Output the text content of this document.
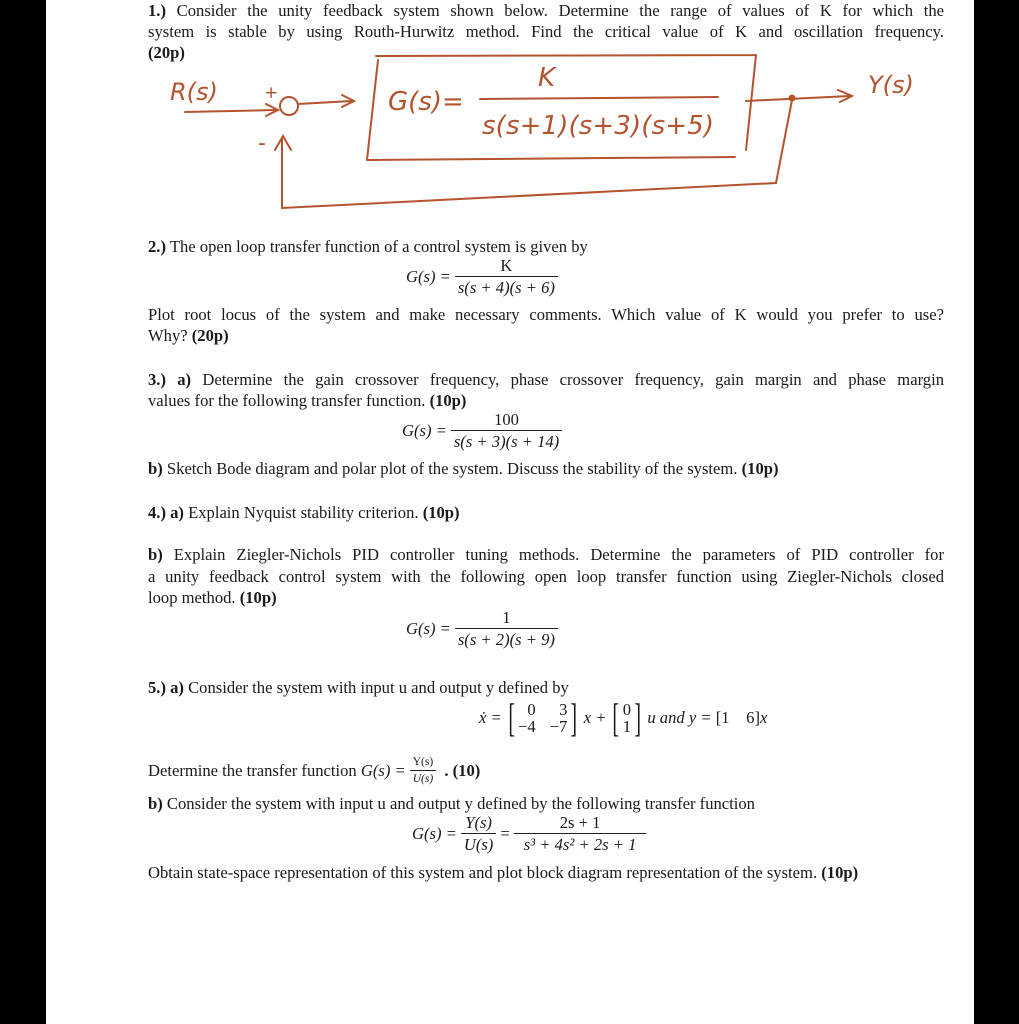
1.) Consider the unity feedback system shown below. Determine the range of values of K for which the
system is stable by using Routh-Hurwitz method. Find the critical value of K and oscillation frequency.
(20p)
R(s)	+
-
G(s)=
K
s(s+1)(s+3)(s+5)
Y(s)
2.) The open loop transfer function of a control system is given by
$G(s) = \frac{K}{s(s + 4)(s + 6)}$
Plot root locus of the system and make necessary comments. Which value of K would you prefer to use?
Why? (20p)
3.) a) Determine the gain crossover frequency, phase crossover frequency, gain margin and phase margin
values for the following transfer function. (10p)
$G(s) = \frac{100}{s(s + 3)(s + 14)}$
b) Sketch Bode diagram and polar plot of the system. Discuss the stability of the system. (10p)
4.) a) Explain Nyquist stability criterion. (10p)
b) Explain Ziegler-Nichols PID controller tuning methods. Determine the parameters of PID controller for
a unity feedback control system with the following open loop transfer function using Ziegler-Nichols closed
loop method. (10p)
$G(s) = \frac{1}{s(s + 2)(s + 9)}$
5.) a) Consider the system with input u and output y defined by
ẋ = [ 0	3
−4 −7 ] x + [ 0
1 ] u and
y =
[1    6] x
Determine the transfer function $G(s) = \frac{Y(s)}{U(s)}$ . (10)
b) Consider the system with input u and output y defined by the following transfer function
$G(s) = \frac{Y(s)}{U(s)} = \frac{2s + 1}{\text{s³ + 4s² + 2s + 1}}$
Obtain state-space representation of this system and plot block diagram representation of the system. (10p)
